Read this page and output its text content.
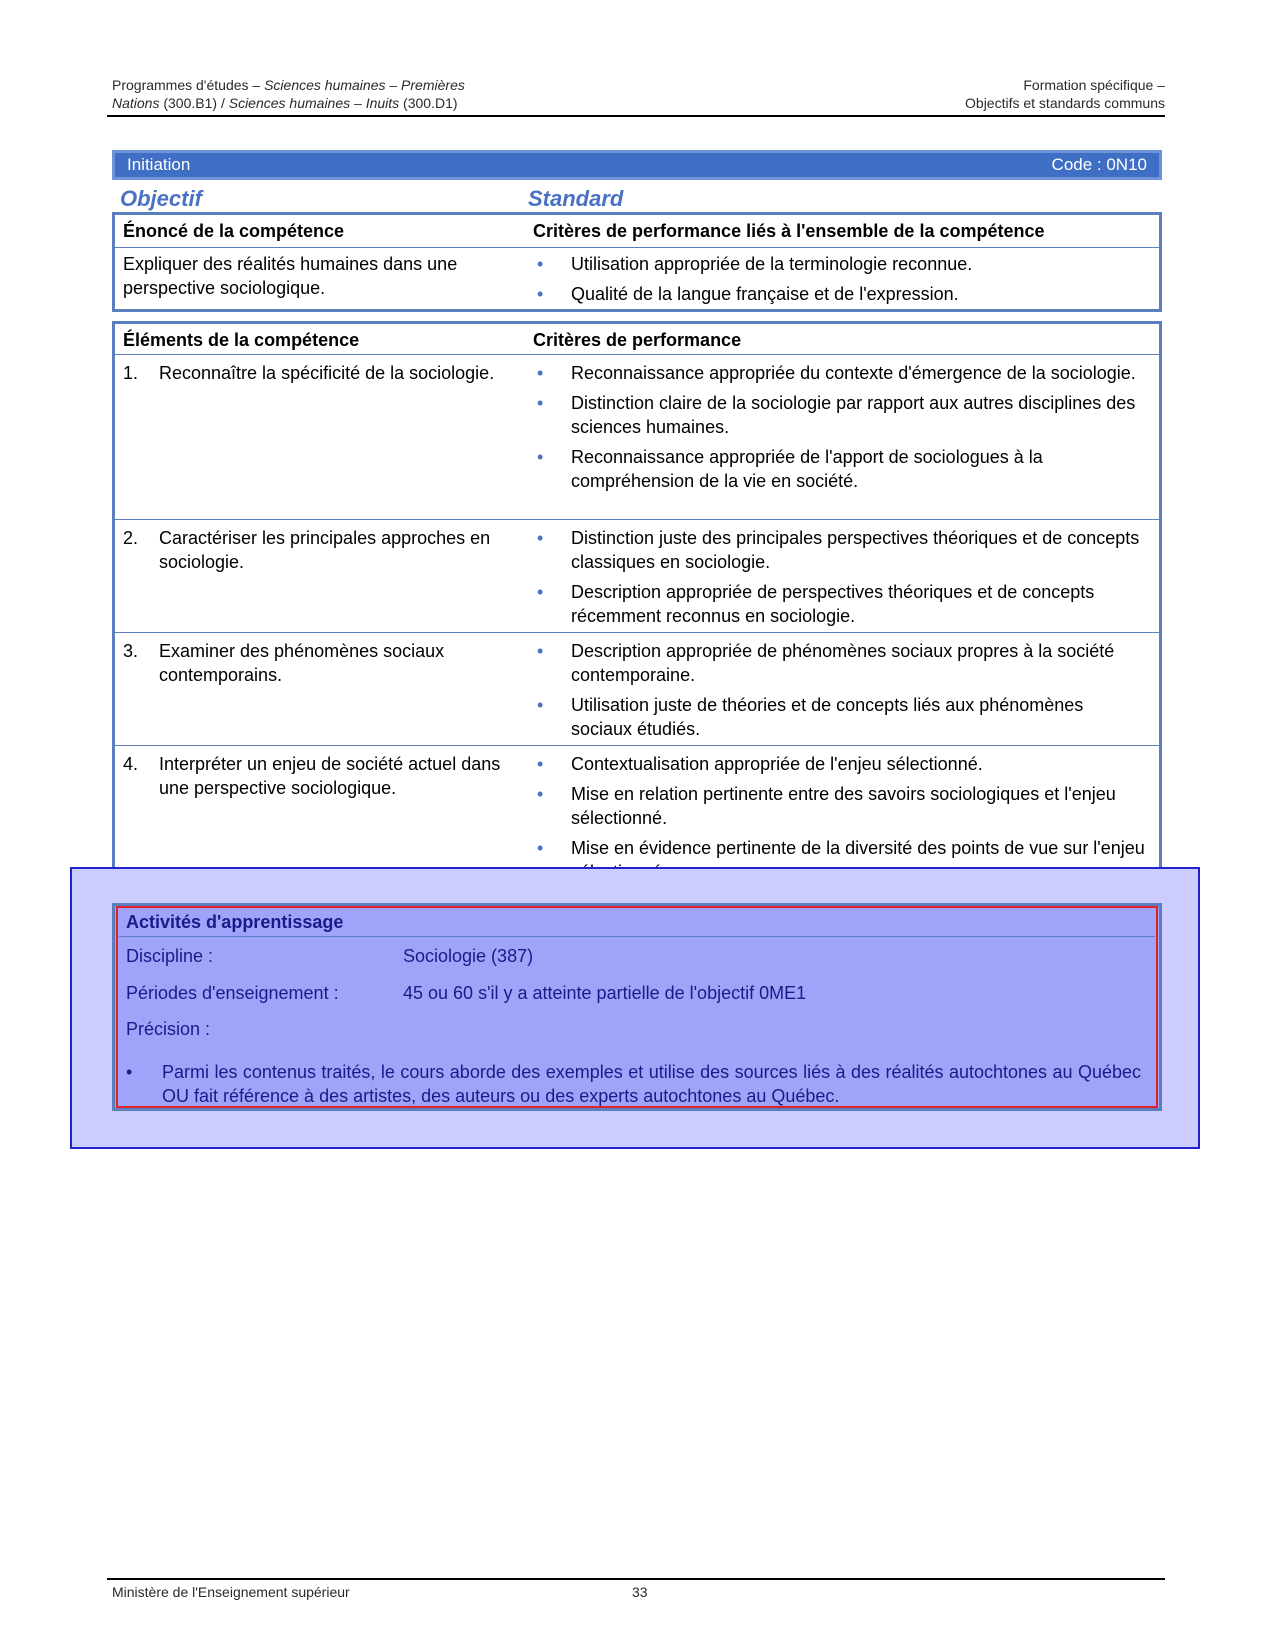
Programmes d'études – Sciences humaines – Premières
Nations (300.B1) / Sciences humaines – Inuits (300.D1)
Formation spécifique –
Objectifs et standards communs
Initiation	Code : 0N10
Objectif	Standard
Énoncé de la compétence	Critères de performance liés à l'ensemble de la compétence
Expliquer des réalités humaines dans une perspective sociologique.
• Utilisation appropriée de la terminologie reconnue.
• Qualité de la langue française et de l'expression.
Éléments de la compétence	Critères de performance
1.	Reconnaître la spécificité de la sociologie.
•	Reconnaissance appropriée du contexte d'émergence de la sociologie.
• Distinction claire de la sociologie par rapport aux autres disciplines des sciences humaines.
• Reconnaissance appropriée de l'apport de sociologues à la compréhension de la vie en société.
2.	Caractériser les principales approches en sociologie.
• Distinction juste des principales perspectives théoriques et de concepts classiques en sociologie.
• Description appropriée de perspectives théoriques et de concepts récemment reconnus en sociologie.
3.	Examiner des phénomènes sociaux contemporains.
• Description appropriée de phénomènes sociaux propres à la société contemporaine.
• Utilisation juste de théories et de concepts liés aux phénomènes sociaux étudiés.
4.	Interpréter un enjeu de société actuel dans une perspective sociologique.
• Contextualisation appropriée de l'enjeu sélectionné.
• Mise en relation pertinente entre des savoirs sociologiques et l'enjeu sélectionné.
• Mise en évidence pertinente de la diversité des points de vue sur l'enjeu
Activités d'apprentissage
Discipline :	Sociologie (387)
Périodes d'enseignement :	45 ou 60 s'il y a atteinte partielle de l'objectif 0ME1
Précision :
•	Parmi les contenus traités, le cours aborde des exemples et utilise des sources liés à des réalités autochtones au Québec OU fait référence à des artistes, des auteurs ou des experts autochtones au Québec.
Ministère de l'Enseignement supérieur	33
